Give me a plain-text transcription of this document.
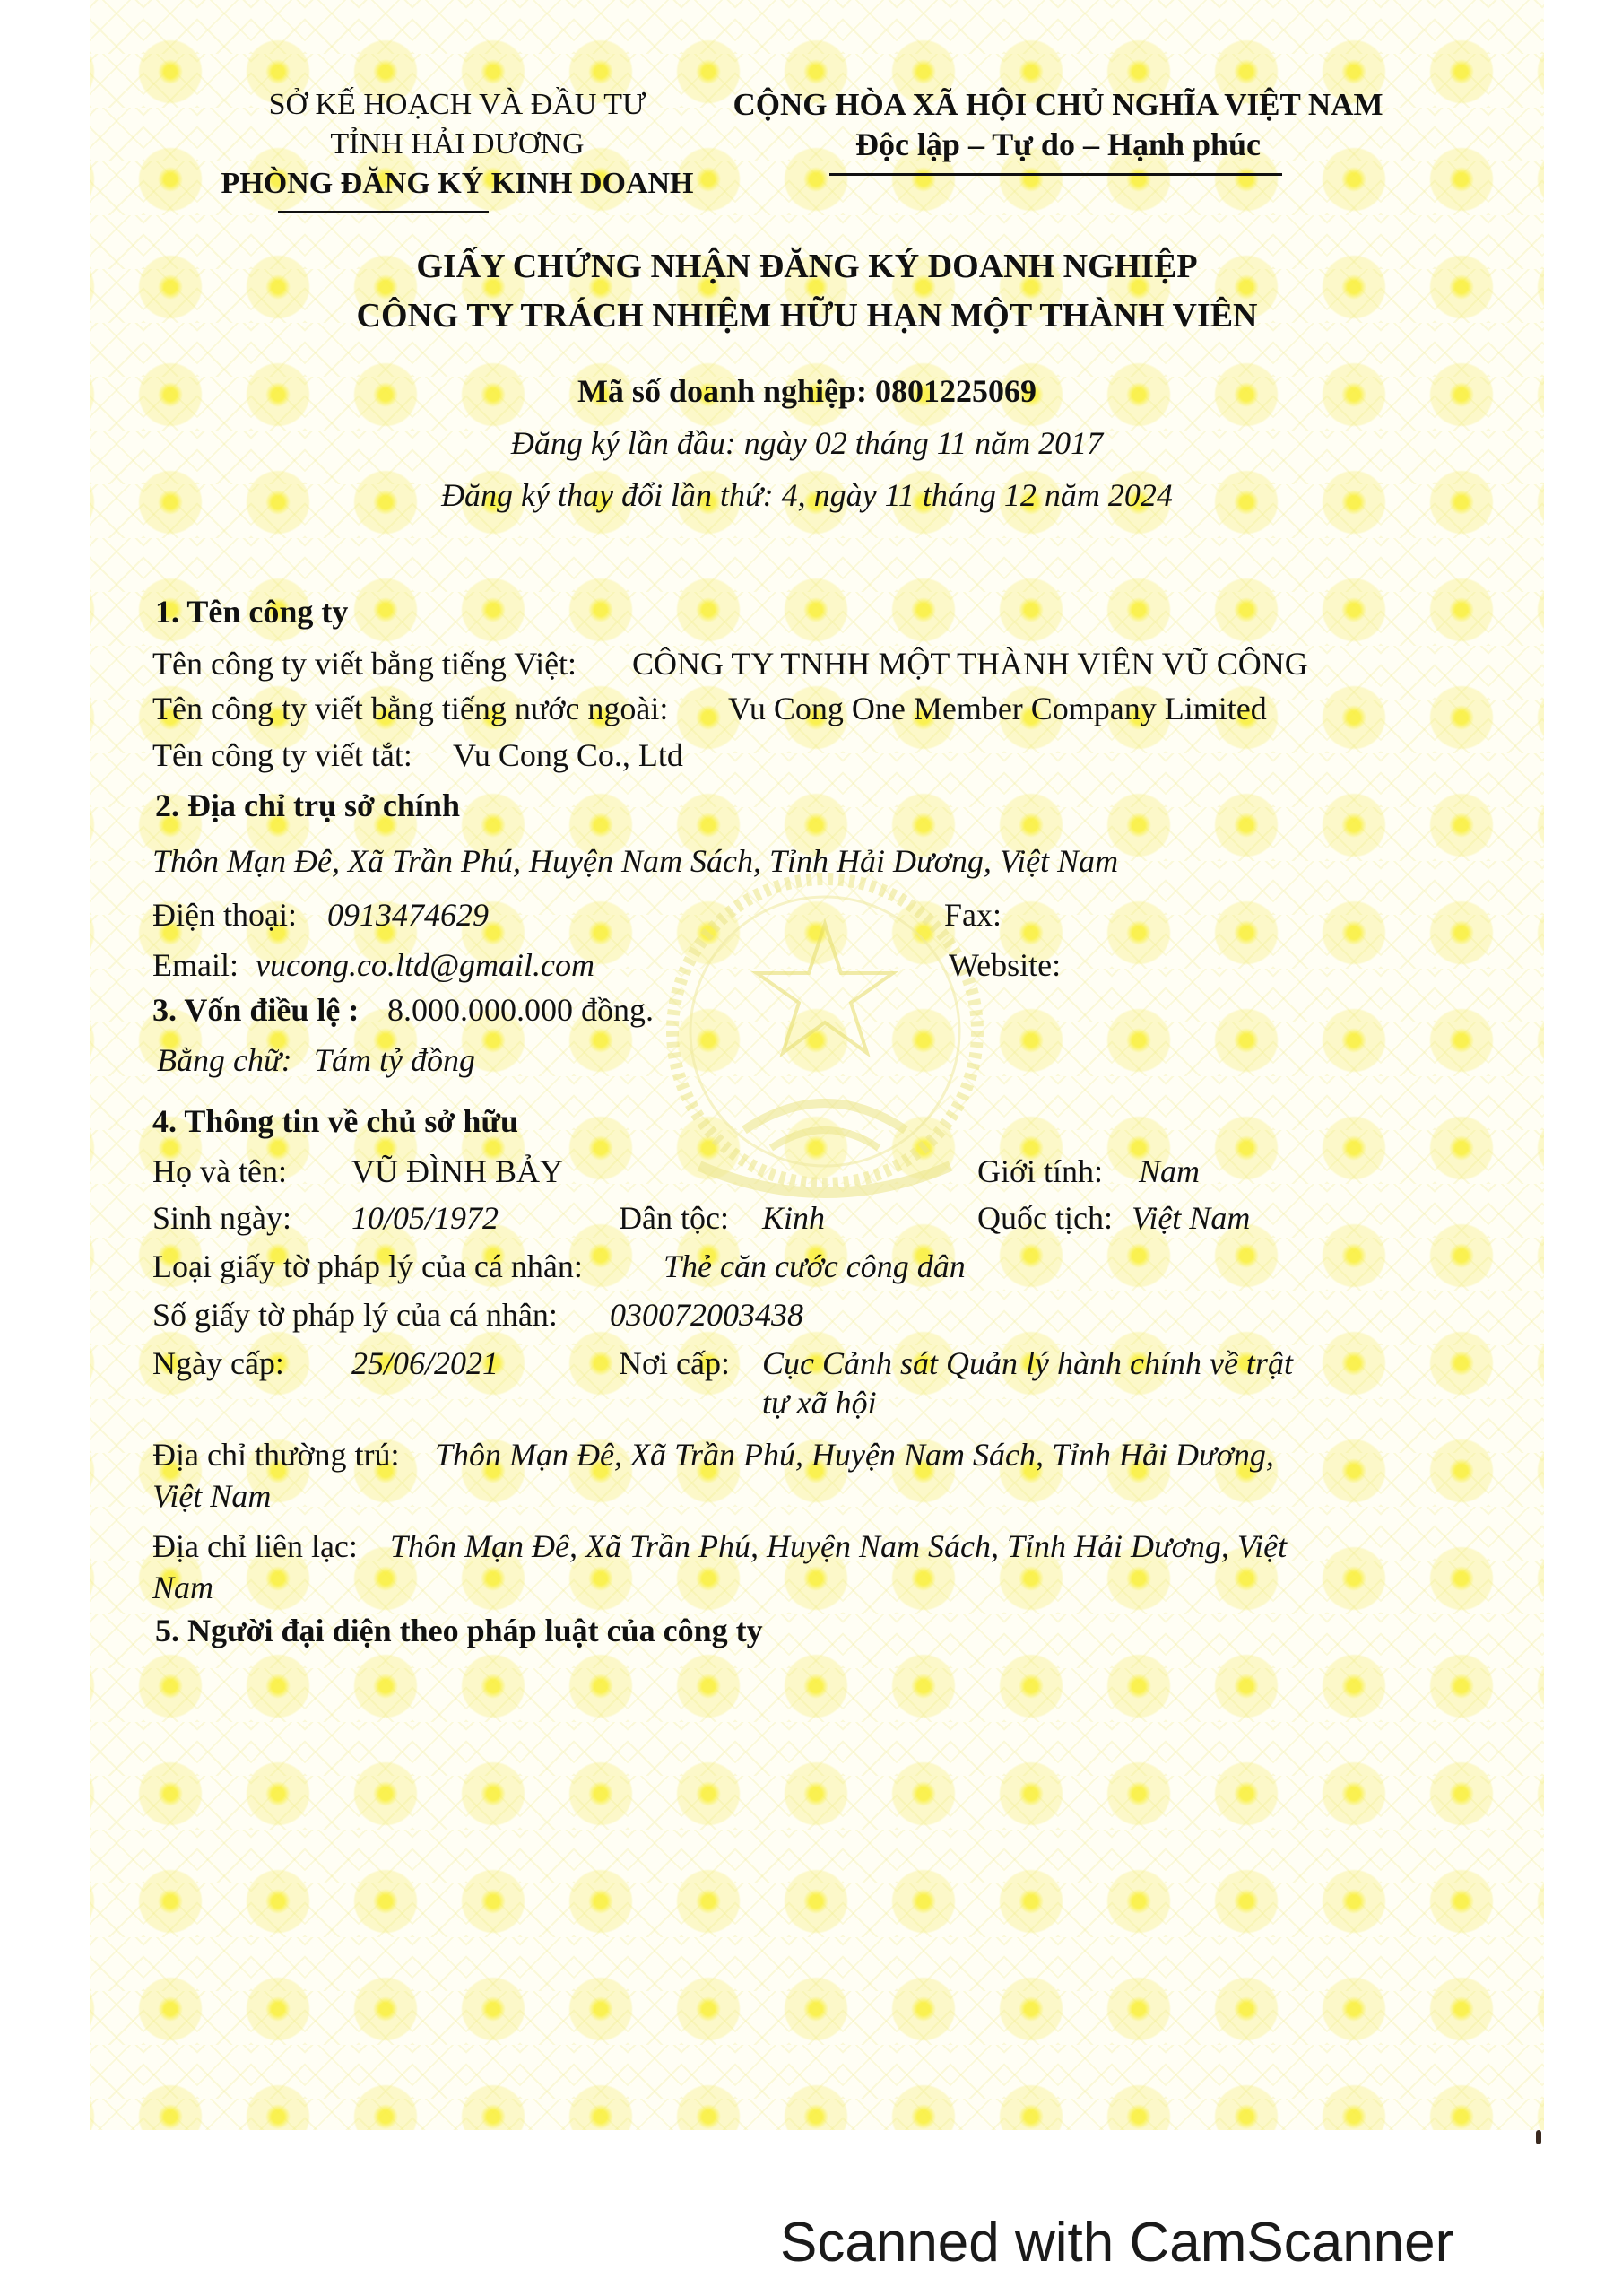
SỞ KẾ HOẠCH VÀ ĐẦU TƯ
TỈNH HẢI DƯƠNG
PHÒNG ĐĂNG KÝ KINH DOANH
CỘNG HÒA XÃ HỘI CHỦ NGHĨA VIỆT NAM
Độc lập – Tự do – Hạnh phúc
GIẤY CHỨNG NHẬN ĐĂNG KÝ DOANH NGHIỆP
CÔNG TY TRÁCH NHIỆM HỮU HẠN MỘT THÀNH VIÊN
Mã số doanh nghiệp: 0801225069
Đăng ký lần đầu: ngày 02 tháng 11 năm 2017
Đăng ký thay đổi lần thứ: 4, ngày 11 tháng 12 năm 2024
1. Tên công ty
Tên công ty viết bằng tiếng Việt: CÔNG TY TNHH MỘT THÀNH VIÊN VŨ CÔNG
Tên công ty viết bằng tiếng nước ngoài: Vu Cong One Member Company Limited
Tên công ty viết tắt: Vu Cong Co., Ltd
2. Địa chỉ trụ sở chính
Thôn Mạn Đê, Xã Trần Phú, Huyện Nam Sách, Tỉnh Hải Dương, Việt Nam
Điện thoại: 0913474629	Fax:
Email: vucong.co.ltd@gmail.com	Website:
3. Vốn điều lệ : 8.000.000.000 đồng.
Bằng chữ: Tám tỷ đồng
4. Thông tin về chủ sở hữu
Họ và tên: VŨ ĐÌNH BẢY	Giới tính: Nam
Sinh ngày: 10/05/1972	Dân tộc: Kinh	Quốc tịch: Việt Nam
Loại giấy tờ pháp lý của cá nhân:	Thẻ căn cước công dân
Số giấy tờ pháp lý của cá nhân: 030072003438
Ngày cấp: 25/06/2021	Nơi cấp: Cục Cảnh sát Quản lý hành chính về trật
tự xã hội
Địa chỉ thường trú: Thôn Mạn Đê, Xã Trần Phú, Huyện Nam Sách, Tỉnh Hải Dương,
Việt Nam
Địa chỉ liên lạc: Thôn Mạn Đê, Xã Trần Phú, Huyện Nam Sách, Tỉnh Hải Dương, Việt
Nam
5. Người đại diện theo pháp luật của công ty
Scanned with CamScanner
